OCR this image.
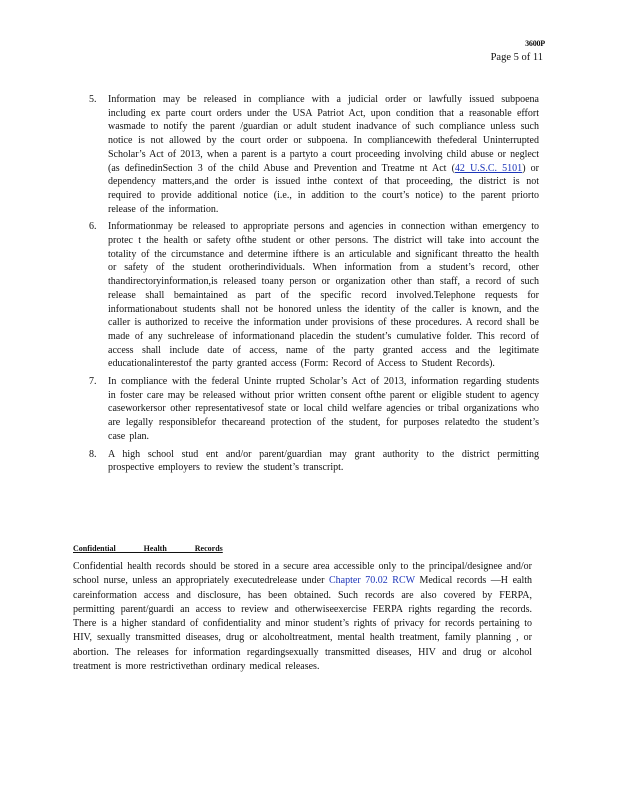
3600P
Page 5 of 11
5.	Information may be released in compliance with a judicial order or lawfully issued subpoena including ex parte court orders under the USA Patriot Act, upon condition that a reasonable effort wasmade to notify the parent /guardian or adult student inadvance of such compliance unless such notice is not allowed by the court order or subpoena. In compliancewith thefederal Uninterrupted Scholar’s Act of 2013, when a parent is a partyto a court proceeding involving child abuse or neglect (as definedinSection 3 of the child Abuse and Prevention and Treatme nt Act (42 U.S.C. 5101) or dependency matters,and the order is issued inthe context of that proceeding, the district is not required to provide additional notice (i.e., in addition to the court’s notice) to the parent priorto release of the information.
6.	Informationmay be released to appropriate persons and agencies in connection withan emergency to protec t the health or safety ofthe student or other persons. The district will take into account the totality of the circumstance and determine ifthere is an articulable and significant threatto the health or safety of the student orotherindividuals. When information from a student’s record, other thandirectoryinformation,is released toany person or organization other than staff, a record of such release shall bemaintained as part of the specific record involved.Telephone requests for informationabout students shall not be honored unless the identity of the caller is known, and the caller is authorized to receive the information under provisions of these procedures. A record shall be made of any suchrelease of informationand placedin the student’s cumulative folder. This record of access shall include date of access, name of the party granted access and the legitimate educationalinterestof the party granted access (Form: Record of Access to Student Records).
7.	In compliance with the federal Uninte rrupted Scholar’s Act of 2013, information regarding students in foster care may be released without prior written consent ofthe parent or eligible student to agency caseworkersor other representativesof state or local child welfare agencies or tribal organizations who are legally responsiblefor thecareand protection of the student, for purposes relatedto the student’s case plan.
8.	A high school stud ent and/or parent/guardian may grant authority to the district permitting prospective employers to review the student’s transcript.
Confidential Health Records

Confidential health records should be stored in a secure area accessible only to the principal/designee and/or school nurse, unless an appropriately executedrelease under Chapter 70.02 RCW Medical records —H ealth careinformation access and disclosure, has been obtained. Such records are also covered by FERPA, permitting parent/guardi an access to review and otherwiseexercise FERPA rights regarding the records. There is a higher standard of confidentiality and minor student’s rights of privacy for records pertaining to HIV, sexually transmitted diseases, drug or alcoholtreatment, mental health treatment, family planning , or abortion. The releases for information regardingsexually transmitted diseases, HIV and drug or alcohol treatment is more restrictivethan ordinary medical releases.
